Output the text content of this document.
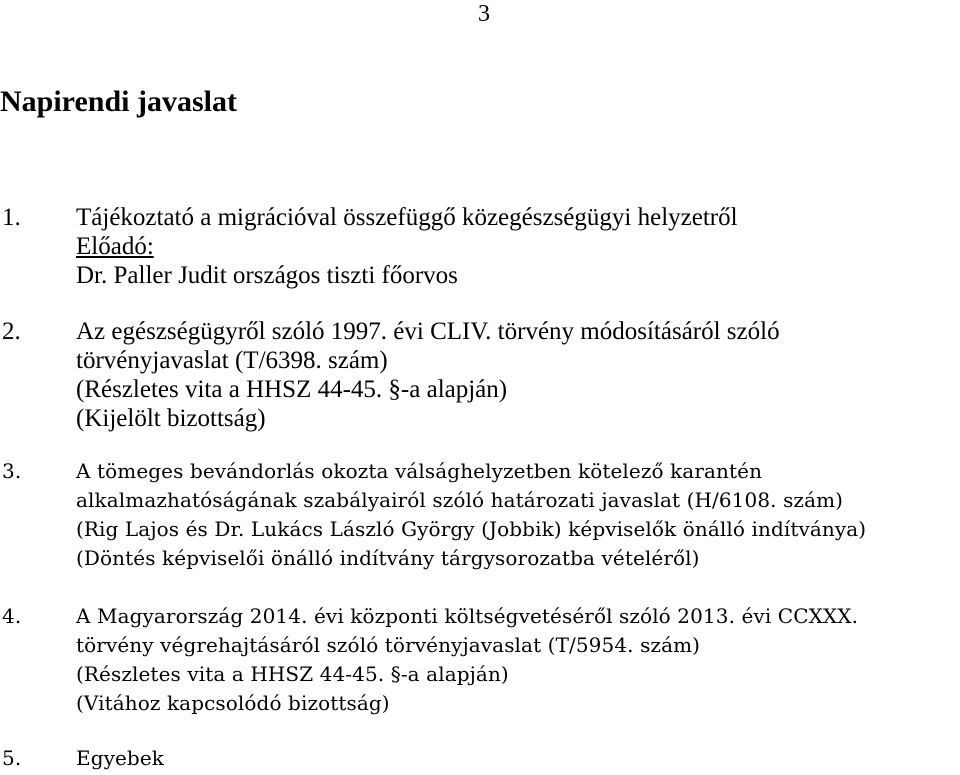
3
Napirendi javaslat
1. Tájékoztató a migrációval összefüggő közegészségügyi helyzetről
Előadó:
Dr. Paller Judit országos tiszti főorvos
2. Az egészségügyről szóló 1997. évi CLIV. törvény módosításáról szóló
törvényjavaslat (T/6398. szám)
(Részletes vita a HHSZ 44-45. §-a alapján)
(Kijelölt bizottság)
3.	A tömeges bevándorlás okozta válsághelyzetben kötelező karantén
alkalmazhatóságának szabályairól szóló határozati javaslat (H/6108. szám)
(Rig Lajos és Dr. Lukács László György (Jobbik) képviselők önálló indítványa)
(Döntés képviselői önálló indítvány tárgysorozatba vételéről)
4.	A Magyarország 2014. évi központi költségvetéséről szóló 2013. évi CCXXX.
törvény végrehajtásáról szóló törvényjavaslat (T/5954. szám)
(Részletes vita a HHSZ 44-45. §-a alapján)
(Vitához kapcsolódó bizottság)
5.	Egyebek
